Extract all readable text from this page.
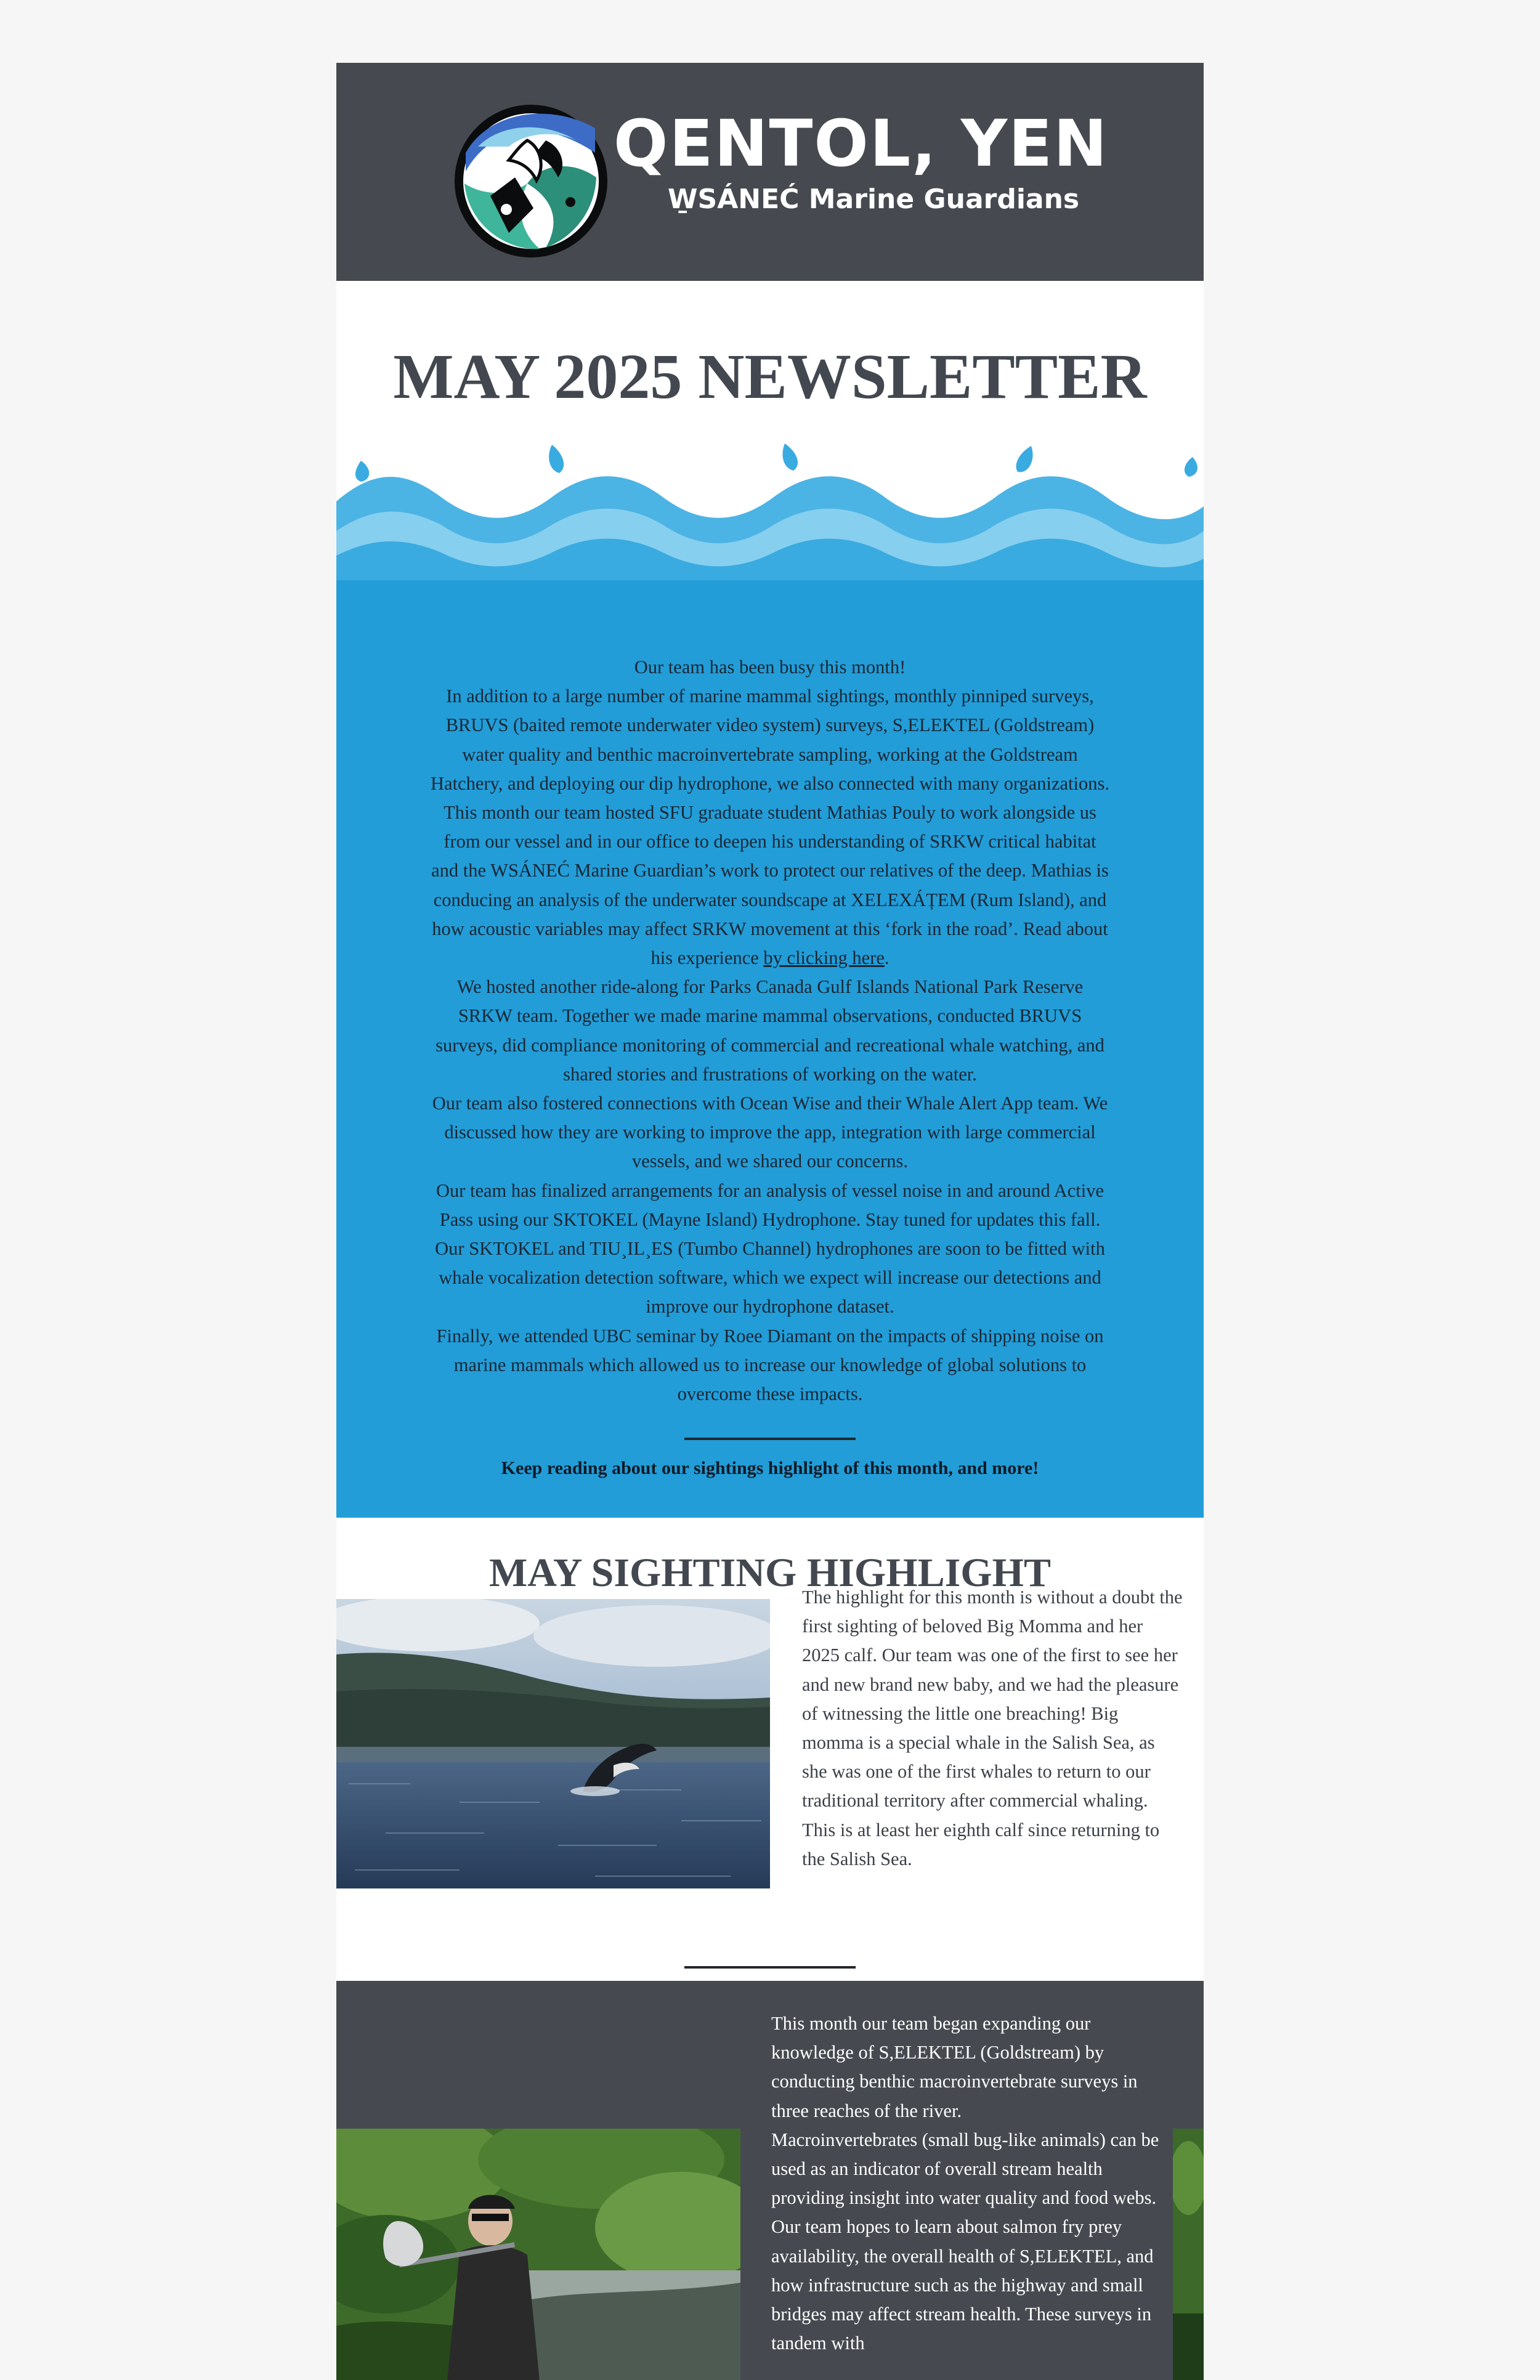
QENTOL, YEN
W̱SÁNEĆ Marine Guardians
MAY 2025 NEWSLETTER

Our team has been busy this month!

In addition to a large number of marine mammal sightings, monthly pinniped surveys, BRUVS (baited remote underwater video system) surveys, S,ELEKTEL (Goldstream) water quality and benthic macroinvertebrate sampling, working at the Goldstream Hatchery, and deploying our dip hydrophone, we also connected with many organizations.

This month our team hosted SFU graduate student Mathias Pouly to work alongside us from our vessel and in our office to deepen his understanding of SRKW critical habitat and the WSÁNEĆ Marine Guardian’s work to protect our relatives of the deep. Mathias is conducing an analysis of the underwater soundscape at XELEXÁȚEM (Rum Island), and how acoustic variables may affect SRKW movement at this ‘fork in the road’. Read about his experience by clicking here.

We hosted another ride-along for Parks Canada Gulf Islands National Park Reserve SRKW team. Together we made marine mammal observations, conducted BRUVS surveys, did compliance monitoring of commercial and recreational whale watching, and shared stories and frustrations of working on the water.

Our team also fostered connections with Ocean Wise and their Whale Alert App team. We discussed how they are working to improve the app, integration with large commercial vessels, and we shared our concerns.

Our team has finalized arrangements for an analysis of vessel noise in and around Active Pass using our SKTOKEL (Mayne Island) Hydrophone. Stay tuned for updates this fall. Our SKTOKEL and TIU¸IL¸ES (Tumbo Channel) hydrophones are soon to be fitted with whale vocalization detection software, which we expect will increase our detections and improve our hydrophone dataset.

Finally, we attended UBC seminar by Roee Diamant on the impacts of shipping noise on marine mammals which allowed us to increase our knowledge of global solutions to overcome these impacts.

Keep reading about our sightings highlight of this month, and more!
MAY SIGHTING HIGHLIGHT
The highlight for this month is without a doubt the first sighting of beloved Big Momma and her 2025 calf. Our team was one of the first to see her and new brand new baby, and we had the pleasure of witnessing the little one breaching! Big momma is a special whale in the Salish Sea, as she was one of the first whales to return to our traditional territory after commercial whaling. This is at least her eighth calf since returning to the Salish Sea.

This month our team began expanding our knowledge of S,ELEKTEL (Goldstream) by conducting benthic macroinvertebrate surveys in three reaches of the river.

Macroinvertebrates (small bug-like animals) can be used as an indicator of overall stream health providing insight into water quality and food webs. Our team hopes to learn about salmon fry prey availability, the overall health of S,ELEKTEL, and how infrastructure such as the highway and small bridges may affect stream health. These surveys in tandem with
